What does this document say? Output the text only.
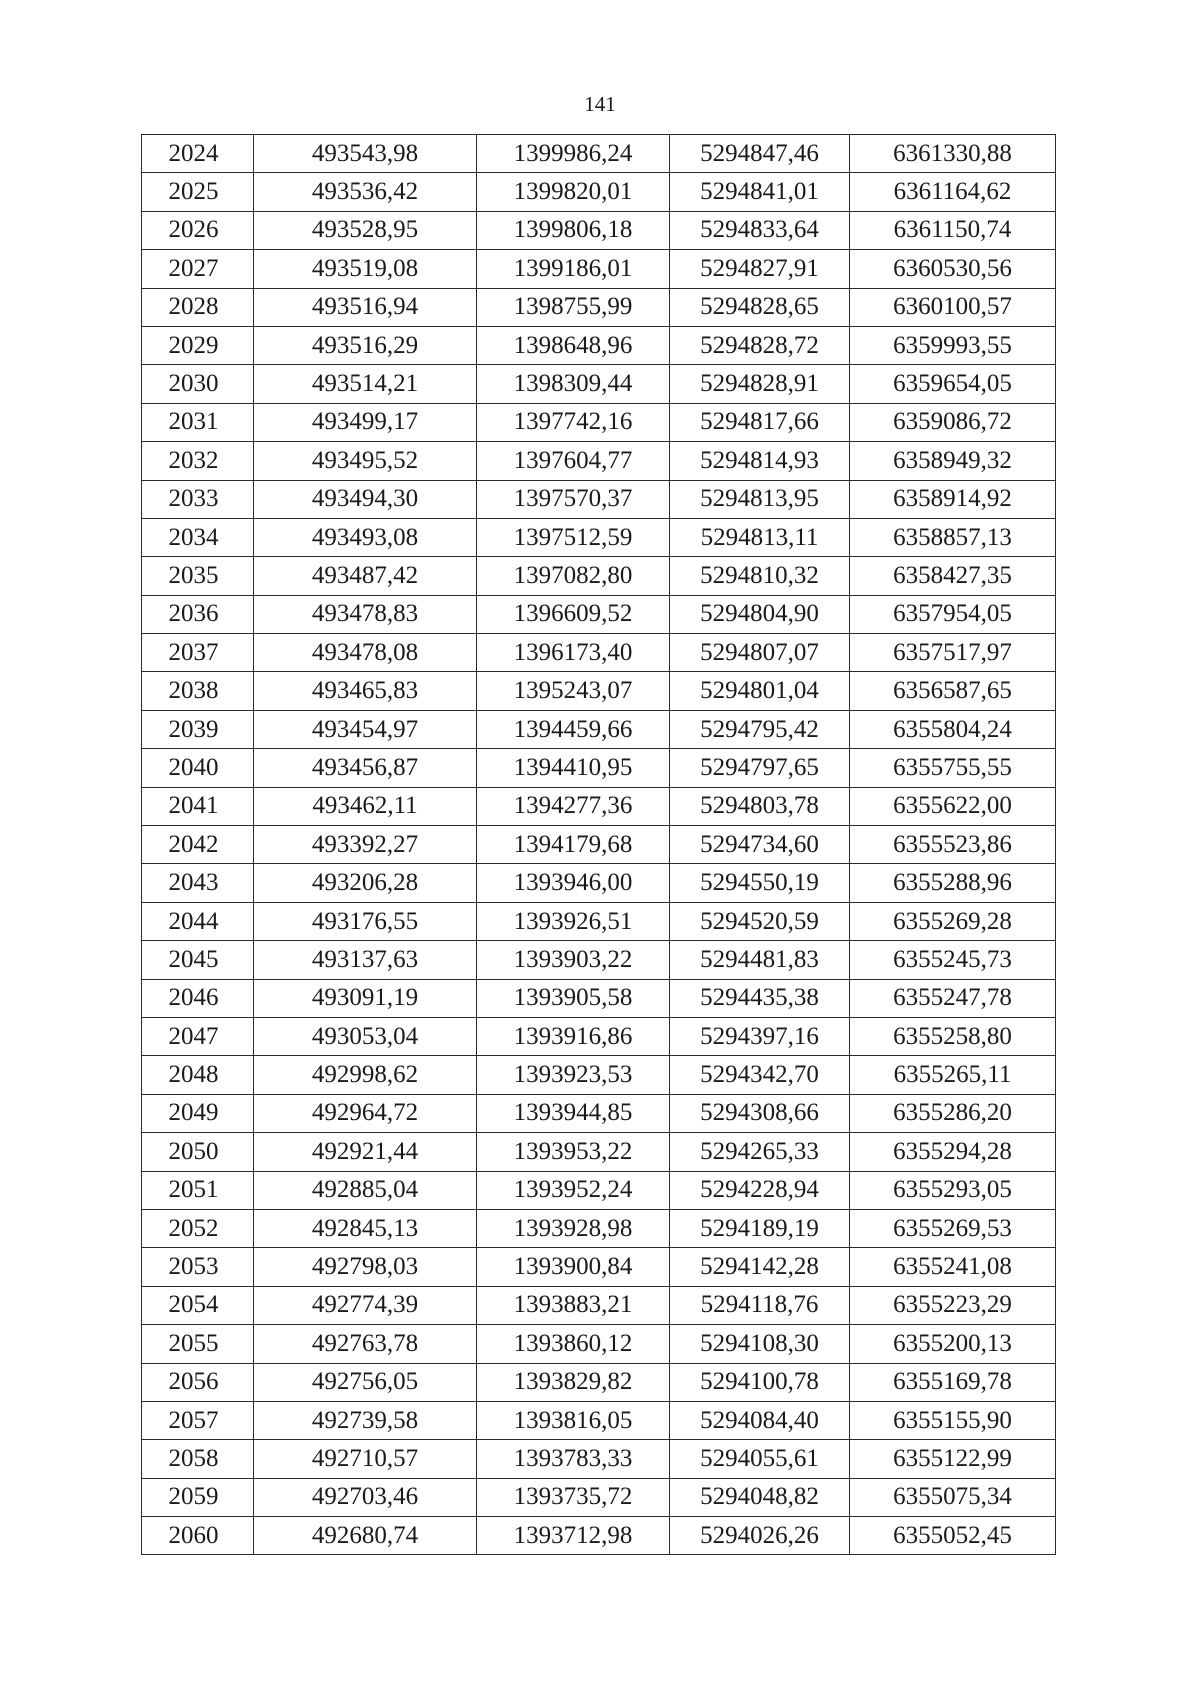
141
2024	493543,98	1399986,24	5294847,46	6361330,88
2025	493536,42	1399820,01	5294841,01	6361164,62
2026	493528,95	1399806,18	5294833,64	6361150,74
2027	493519,08	1399186,01	5294827,91	6360530,56
2028	493516,94	1398755,99	5294828,65	6360100,57
2029	493516,29	1398648,96	5294828,72	6359993,55
2030	493514,21	1398309,44	5294828,91	6359654,05
2031	493499,17	1397742,16	5294817,66	6359086,72
2032	493495,52	1397604,77	5294814,93	6358949,32
2033	493494,30	1397570,37	5294813,95	6358914,92
2034	493493,08	1397512,59	5294813,11	6358857,13
2035	493487,42	1397082,80	5294810,32	6358427,35
2036	493478,83	1396609,52	5294804,90	6357954,05
2037	493478,08	1396173,40	5294807,07	6357517,97
2038	493465,83	1395243,07	5294801,04	6356587,65
2039	493454,97	1394459,66	5294795,42	6355804,24
2040	493456,87	1394410,95	5294797,65	6355755,55
2041	493462,11	1394277,36	5294803,78	6355622,00
2042	493392,27	1394179,68	5294734,60	6355523,86
2043	493206,28	1393946,00	5294550,19	6355288,96
2044	493176,55	1393926,51	5294520,59	6355269,28
2045	493137,63	1393903,22	5294481,83	6355245,73
2046	493091,19	1393905,58	5294435,38	6355247,78
2047	493053,04	1393916,86	5294397,16	6355258,80
2048	492998,62	1393923,53	5294342,70	6355265,11
2049	492964,72	1393944,85	5294308,66	6355286,20
2050	492921,44	1393953,22	5294265,33	6355294,28
2051	492885,04	1393952,24	5294228,94	6355293,05
2052	492845,13	1393928,98	5294189,19	6355269,53
2053	492798,03	1393900,84	5294142,28	6355241,08
2054	492774,39	1393883,21	5294118,76	6355223,29
2055	492763,78	1393860,12	5294108,30	6355200,13
2056	492756,05	1393829,82	5294100,78	6355169,78
2057	492739,58	1393816,05	5294084,40	6355155,90
2058	492710,57	1393783,33	5294055,61	6355122,99
2059	492703,46	1393735,72	5294048,82	6355075,34
2060	492680,74	1393712,98	5294026,26	6355052,45
